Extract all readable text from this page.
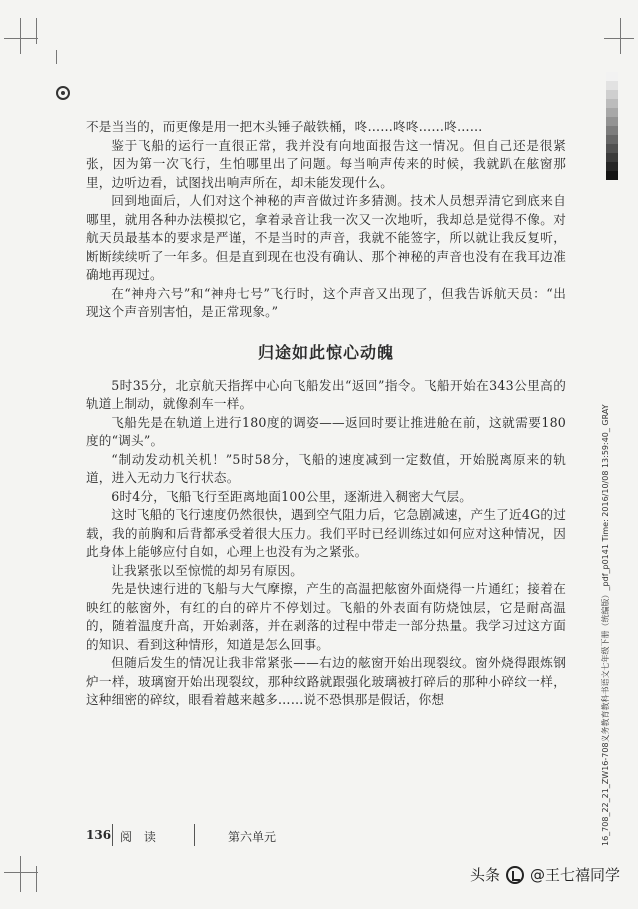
不是当当的，而更像是用一把木头锤子敲铁桶，咚……咚咚……咚……

鉴于飞船的运行一直很正常，我并没有向地面报告这一情况。但自己还是很紧张，因为第一次飞行，生怕哪里出了问题。每当响声传来的时候，我就趴在舷窗那里，边听边看，试图找出响声所在，却未能发现什么。

回到地面后，人们对这个神秘的声音做过许多猜测。技术人员想弄清它到底来自哪里，就用各种办法模拟它，拿着录音让我一次又一次地听，我却总是觉得不像。对航天员最基本的要求是严谨，不是当时的声音，我就不能签字，所以就让我反复听，断断续续听了一年多。但是直到现在也没有确认、那个神秘的声音也没有在我耳边准确地再现过。

在“神舟六号”和“神舟七号”飞行时，这个声音又出现了，但我告诉航天员：“出现这个声音别害怕，是正常现象。”

归途如此惊心动魄

5时35分，北京航天指挥中心向飞船发出“返回”指令。飞船开始在343公里高的轨道上制动，就像刹车一样。

飞船先是在轨道上进行180度的调姿——返回时要让推进舱在前，这就需要180度的“调头”。

“制动发动机关机！”5时58分，飞船的速度减到一定数值，开始脱离原来的轨道，进入无动力飞行状态。

6时4分，飞船飞行至距离地面100公里，逐渐进入稠密大气层。

这时飞船的飞行速度仍然很快，遇到空气阻力后，它急剧减速，产生了近4G的过载，我的前胸和后背都承受着很大压力。我们平时已经训练过如何应对这种情况，因此身体上能够应付自如，心理上也没有为之紧张。

让我紧张以至惊慌的却另有原因。

先是快速行进的飞船与大气摩擦，产生的高温把舷窗外面烧得一片通红；接着在映红的舷窗外，有红的白的碎片不停划过。飞船的外表面有防烧蚀层，它是耐高温的，随着温度升高，开始剥落，并在剥落的过程中带走一部分热量。我学习过这方面的知识、看到这种情形，知道是怎么回事。

但随后发生的情况让我非常紧张——右边的舷窗开始出现裂纹。窗外烧得跟炼钢炉一样，玻璃窗开始出现裂纹，那种纹路就跟强化玻璃被打碎后的那种小碎纹一样，这种细密的碎纹，眼看着越来越多……说不恐惧那是假话，你想

136 阅 读	第六单元	16_708_22_21_ZW16-708义务教育教科书语文七年级下册（统编版）_pdf_p0141 Time: 2016/10/08 13:59:40_ GRAY
头条 @王七禧同学
